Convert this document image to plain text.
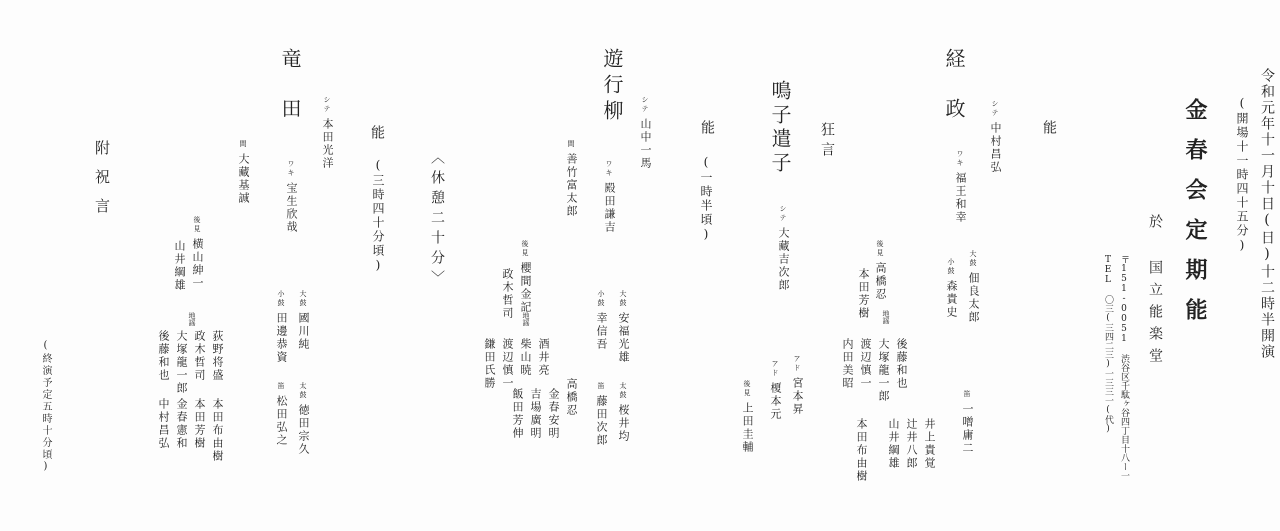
令和元年十一月十日(日)十二時半開演
(開場十一時四十五分)
金春会定期能
於 国立能楽堂
〒151-0051 渋谷区千駄ヶ谷四丁目十八ー一
TEL 〇三(三四二三)一三三一(代)
能
経政	シテ中村昌弘
ワキ福王和幸
後見高橋忍
本田芳樹 地謡
後藤和也
大塚龍一郎
渡辺慎一
内田美昭
井上貴覚
辻井八郎
山井綱雄
本田布由樹
大鼓佃良太郎
小鼓森貴史
笛一噌庸二
狂言
鳴子遣子
シテ大藏吉次郎
アド宮本昇
アド榎本元
後見上田圭輔
能
(一時半頃)
遊行柳 シテ山中一馬
ワキ殿田謙吉
間善竹富太郎
後見櫻間金記
政木哲司 地謡
酒井亮
柴山暁
渡辺慎一
鎌田氏勝
高橋忍
金春安明
吉場廣明
飯田芳伸
大鼓安福光雄
小鼓幸信吾
太鼓桜井均
笛藤田次郎
〈休憩二十分〉
能
(三時四十分頃)
竜田	シテ本田光洋
ワキ宝生欣哉
間大藏基誠
後見横山紳一
山井綱雄
地謡
荻野将盛
政木哲司
大塚龍一郎
後藤和也
本田布由樹
本田芳樹
金春憲和
中村昌弘
大鼓國川純
小鼓田邊恭資
太鼓徳田宗久
笛松田弘之
附祝言
(終演予定五時十分頃)
